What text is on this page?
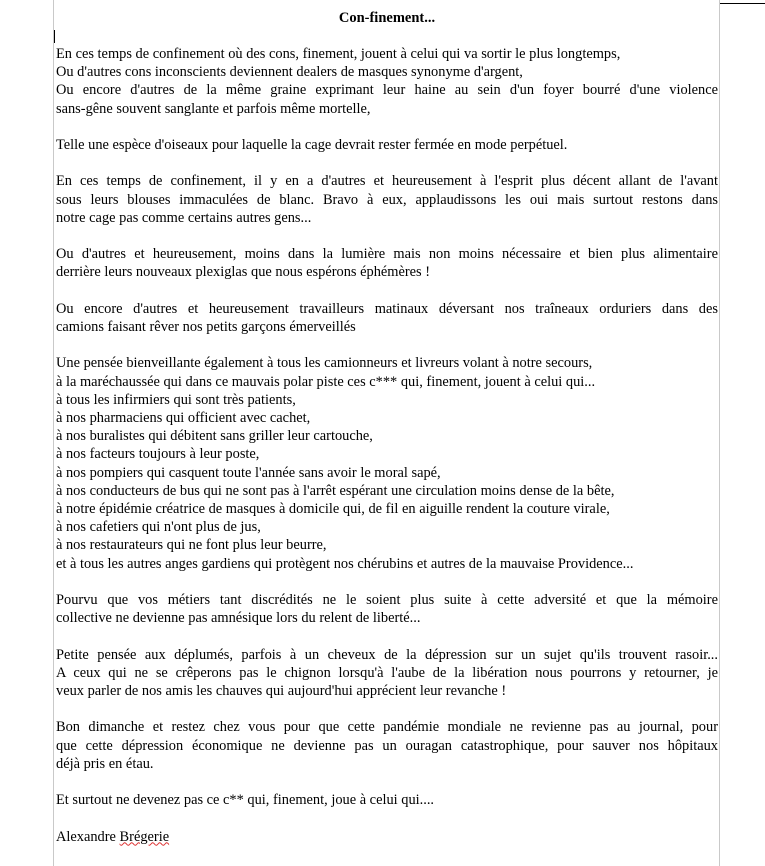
Con-finement...

En ces temps de confinement où des cons, finement, jouent à celui qui va sortir le plus longtemps,
Ou d'autres cons inconscients deviennent dealers de masques synonyme d'argent,
Ou encore d'autres de la même graine exprimant leur haine au sein d'un foyer bourré d'une violence
sans-gêne souvent sanglante et parfois même mortelle,

Telle une espèce d'oiseaux pour laquelle la cage devrait rester fermée en mode perpétuel.

En ces temps de confinement, il y en a d'autres et heureusement à l'esprit plus décent allant de l'avant
sous leurs blouses immaculées de blanc. Bravo à eux, applaudissons les oui mais surtout restons dans
notre cage pas comme certains autres gens...

Ou d'autres et heureusement, moins dans la lumière mais non moins nécessaire et bien plus alimentaire
derrière leurs nouveaux plexiglas que nous espérons éphémères !

Ou encore d'autres et heureusement travailleurs matinaux déversant nos traîneaux orduriers dans des
camions faisant rêver nos petits garçons émerveillés

Une pensée bienveillante également à tous les camionneurs et livreurs volant à notre secours,
à la maréchaussée qui dans ce mauvais polar piste ces c*** qui, finement, jouent à celui qui...
à tous les infirmiers qui sont très patients,
à nos pharmaciens qui officient avec cachet,
à nos buralistes qui débitent sans griller leur cartouche,
à nos facteurs toujours à leur poste,
à nos pompiers qui casquent toute l'année sans avoir le moral sapé,
à nos conducteurs de bus qui ne sont pas à l'arrêt espérant une circulation moins dense de la bête,
à notre épidémie créatrice de masques à domicile qui, de fil en aiguille rendent la couture virale,
à nos cafetiers qui n'ont plus de jus,
à nos restaurateurs qui ne font plus leur beurre,
et à tous les autres anges gardiens qui protègent nos chérubins et autres de la mauvaise Providence...

Pourvu que vos métiers tant discrédités ne le soient plus suite à cette adversité et que la mémoire
collective ne devienne pas amnésique lors du relent de liberté...

Petite pensée aux déplumés, parfois à un cheveux de la dépression sur un sujet qu'ils trouvent rasoir...
A ceux qui ne se crêperons pas le chignon lorsqu'à l'aube de la libération nous pourrons y retourner, je
veux parler de nos amis les chauves qui aujourd'hui apprécient leur revanche !

Bon dimanche et restez chez vous pour que cette pandémie mondiale ne revienne pas au journal, pour
que cette dépression économique ne devienne pas un ouragan catastrophique, pour sauver nos hôpitaux
déjà pris en étau.

Et surtout ne devenez pas ce c** qui, finement, joue à celui qui....

Alexandre Brégerie
